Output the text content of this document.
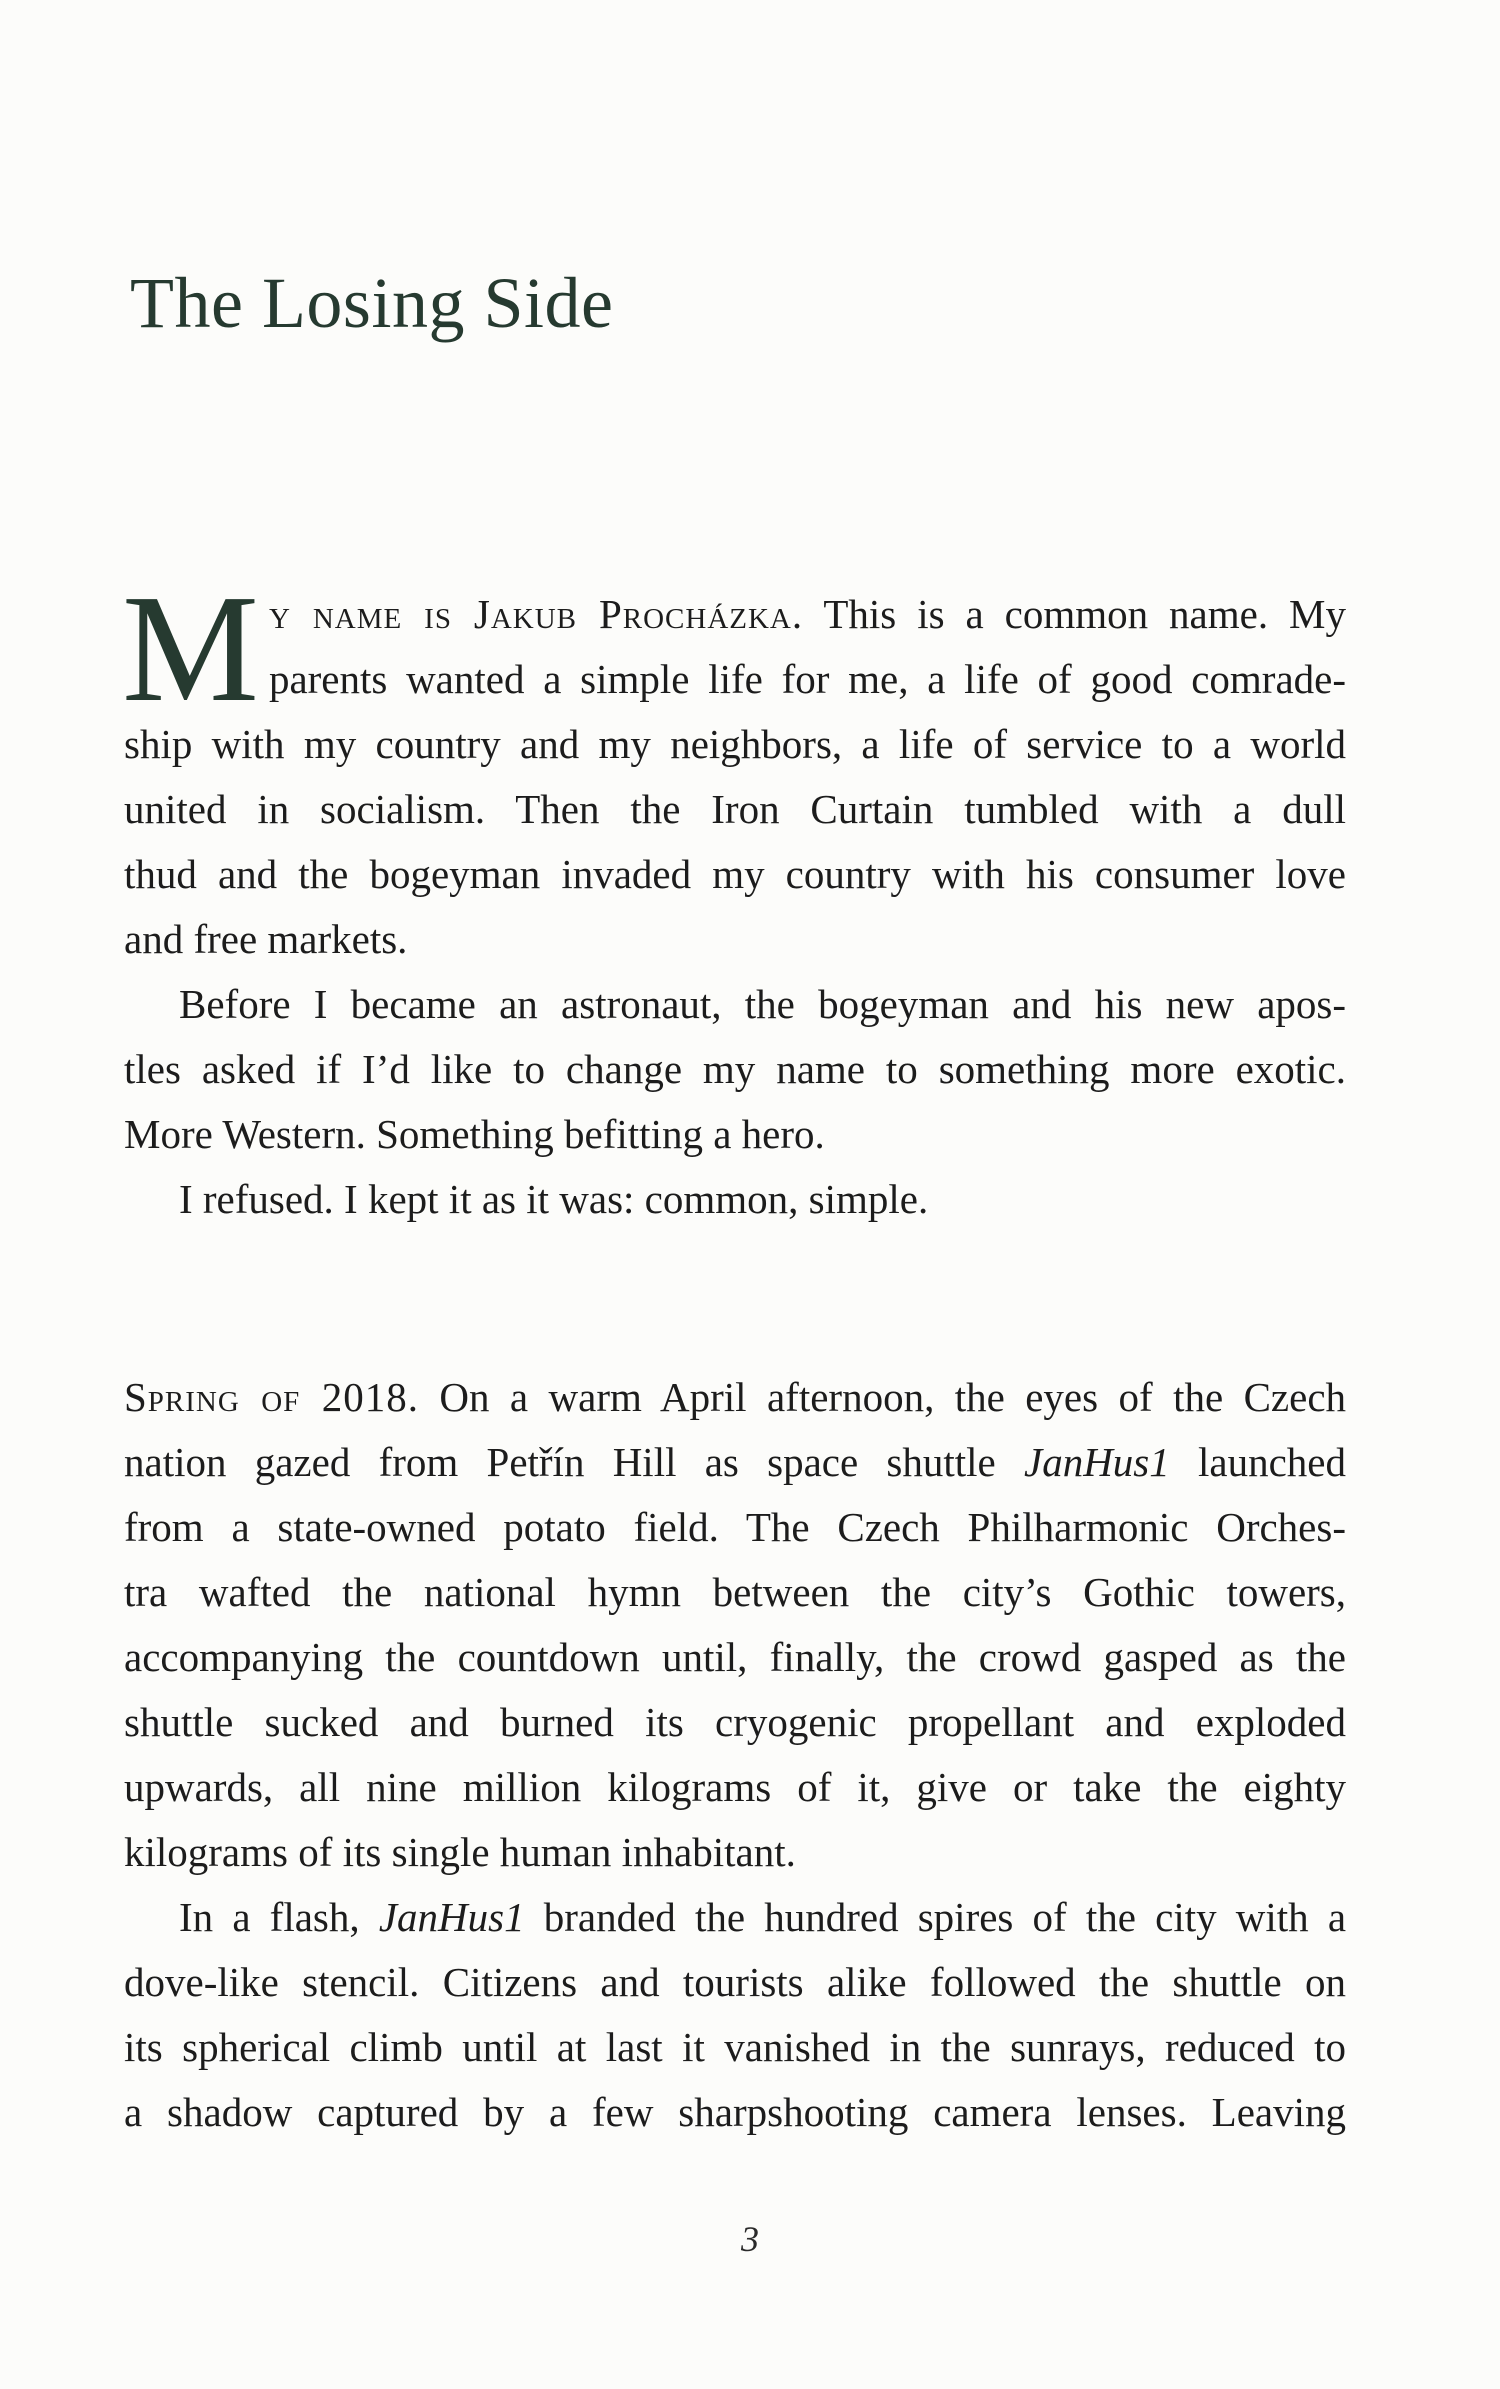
The Losing Side
M y name is Jakub Procházka. This is a common name. My
parents wanted a simple life for me, a life of good comrade-
ship with my country and my neighbors, a life of service to a world
united in socialism. Then the Iron Curtain tumbled with a dull
thud and the bogeyman invaded my country with his consumer love
and free markets.
Before I became an astronaut, the bogeyman and his new apos-
tles asked if I’d like to change my name to something more exotic.
More Western. Something befitting a hero.
I refused. I kept it as it was: common, simple.
Spring of 2018. On a warm April afternoon, the eyes of the Czech
nation gazed from Petřín Hill as space shuttle JanHus1 launched
from a state-owned potato field. The Czech Philharmonic Orches-
tra wafted the national hymn between the city’s Gothic towers,
accompanying the countdown until, finally, the crowd gasped as the
shuttle sucked and burned its cryogenic propellant and exploded
upwards, all nine million kilograms of it, give or take the eighty
kilograms of its single human inhabitant.
In a flash, JanHus1 branded the hundred spires of the city with a
dove-like stencil. Citizens and tourists alike followed the shuttle on
its spherical climb until at last it vanished in the sunrays, reduced to
a shadow captured by a few sharpshooting camera lenses. Leaving
3
